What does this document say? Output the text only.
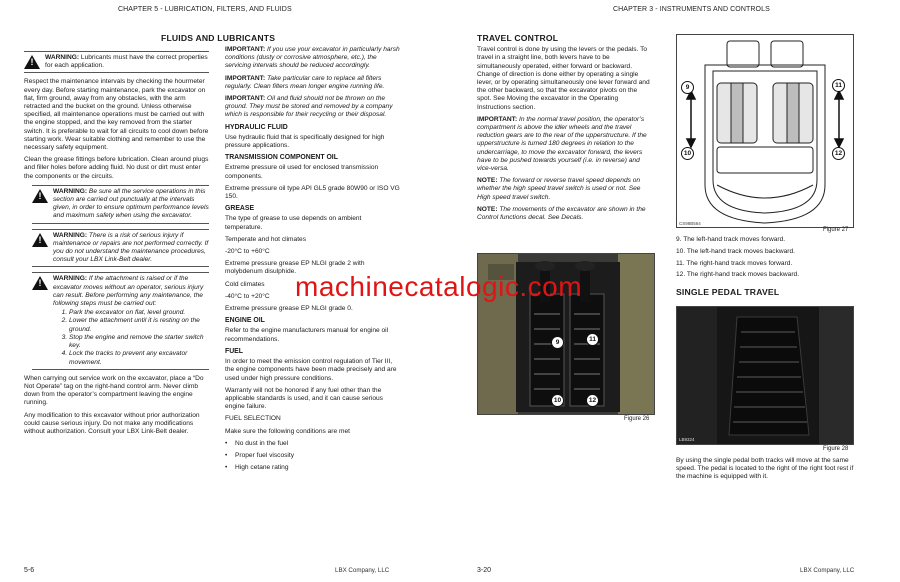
CHAPTER 5 - LUBRICATION, FILTERS, AND FLUIDS
FLUIDS AND LUBRICANTS
! WARNING: Lubricants must have the correct properties for each application.

Respect the maintenance intervals by checking the hourmeter every day. Before starting maintenance, park the excavator on flat, firm ground, away from any obstacles, with the arm retracted and the bucket on the ground. Unless otherwise specified, all maintenance operations must be carried out with the engine stopped, and the key removed from the starter switch. It is preferable to wait for all circuits to cool down before starting work. Wear suitable clothing and remember to use the necessary safety equipment.

Clean the grease fittings before lubrication. Clean around plugs and filler holes before adding fluid. No dust or dirt must enter the components or the circuits.

! WARNING: Be sure all the service operations in this section are carried out punctually at the intervals given, in order to ensure optimum performance levels and maximum safety when using the excavator.
! WARNING: There is a risk of serious injury if maintenance or repairs are not performed correctly. If you do not understand the maintenance procedures, consult your LBX Link-Belt dealer.
! WARNING: If the attachment is raised or if the excavator moves without an operator, serious injury can result. Before performing any maintenance, the following steps must be carried out:
1. Park the excavator on flat, level ground.
2. Lower the attachment until it is resting on the ground.
3. Stop the engine and remove the starter switch key.
4. Lock the tracks to prevent any excavator movement.

When carrying out service work on the excavator, place a “Do Not Operate” tag on the right-hand control arm. Never climb down from the operator’s compartment leaving the engine running.

Any modification to this excavator without prior authorization could cause serious injury. Do not make any modifications without authorization. Consult your LBX Link-Belt dealer.

IMPORTANT: If you use your excavator in particularly harsh conditions (dusty or corrosive atmosphere, etc.), the servicing intervals should be reduced accordingly.

IMPORTANT: Take particular care to replace all filters regularly. Clean filters mean longer engine running life.

IMPORTANT: Oil and fluid should not be thrown on the ground. They must be stored and removed by a company which is responsible for their recycling or their disposal.

HYDRAULIC FLUID

Use hydraulic fluid that is specifically designed for high pressure applications.

TRANSMISSION COMPONENT OIL

Extreme pressure oil used for enclosed transmission components.

Extreme pressure oil type API GL5 grade 80W90 or ISO VG 150.

GREASE

The type of grease to use depends on ambient temperature.

Temperate and hot climates

-20°C to +60°C

Extreme pressure grease EP NLGI grade 2 with molybdenum disulphide.

Cold climates

-40°C to +20°C

Extreme pressure grease EP NLGI grade 0.

ENGINE OIL

Refer to the engine manufacturers manual for engine oil recommendations.

FUEL

In order to meet the emission control regulation of Tier III, the engine components have been made precisely and are used under high pressure conditions.

Warranty will not be honored if any fuel other than the applicable standards is used, and it can cause serious engine failure.

FUEL SELECTION

Make sure the following conditions are met

• No dust in the fuel
• Proper fuel viscosity
• High cetane rating
5-6	LBX Company, LLC
CHAPTER 3 - INSTRUMENTS AND CONTROLS
TRAVEL CONTROL

Travel control is done by using the levers or the pedals. To travel in a straight line, both levers have to be simultaneously operated, either forward or backward. Change of direction is done either by operating a single lever, or by operating simultaneously one lever forward and the other backward, so that the excavator pivots on the spot. See Moving the excavator in the Operating Instructions section.

IMPORTANT: In the normal travel position, the operator’s compartment is above the idler wheels and the travel reduction gears are to the rear of the upperstructure. If the upperstructure is turned 180 degrees in relation to the undercarriage, to move the excavator forward, the levers have to be pushed towards yourself (i.e. in reverse) and vice-versa.

NOTE: The forward or reverse travel speed depends on whether the high speed travel switch is used or not. See High speed travel switch.

NOTE: The movements of the excavator are shown in the Control functions decal. See Decals.

9
10
11
12
Figure 26
9
10
11
12
CS98B564
Figure 27

9. The left-hand track moves forward.

10. The left-hand track moves backward.

11. The right-hand track moves forward.

12. The right-hand track moves backward.

SINGLE PEDAL TRAVEL
LB9324
Figure 28

By using the single pedal both tracks will move at the same speed. The pedal is located to the right of the right foot rest if the machine is equipped with it.

3-20	LBX Company, LLC
machinecatalogic.com
